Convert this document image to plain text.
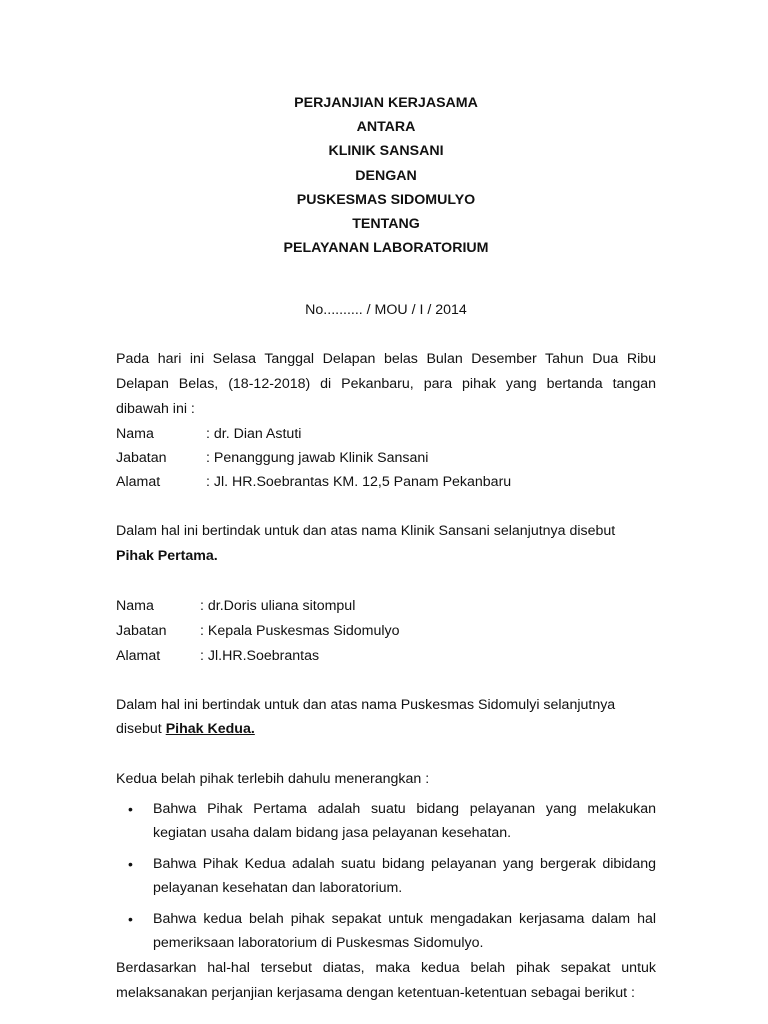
PERJANJIAN KERJASAMA
ANTARA
KLINIK SANSANI
DENGAN
PUSKESMAS SIDOMULYO
TENTANG
PELAYANAN LABORATORIUM
No.......... / MOU / I / 2014
Pada hari ini Selasa Tanggal Delapan belas Bulan Desember Tahun Dua Ribu Delapan Belas, (18-12-2018) di Pekanbaru, para pihak yang bertanda tangan dibawah ini :
Nama	: dr. Dian Astuti
Jabatan	: Penanggung jawab Klinik Sansani
Alamat	: Jl. HR.Soebrantas KM. 12,5 Panam Pekanbaru
Dalam hal ini bertindak untuk dan atas nama Klinik Sansani selanjutnya disebut Pihak Pertama.
Nama	: dr.Doris uliana sitompul
Jabatan : Kepala Puskesmas Sidomulyo
Alamat	: Jl.HR.Soebrantas
Dalam hal ini bertindak untuk dan atas nama Puskesmas Sidomulyi selanjutnya
disebut Pihak Kedua.
Kedua belah pihak terlebih dahulu menerangkan :
• Bahwa Pihak Pertama adalah suatu bidang pelayanan yang melakukan kegiatan usaha dalam bidang jasa pelayanan kesehatan.
• Bahwa Pihak Kedua adalah suatu bidang pelayanan yang bergerak dibidang pelayanan kesehatan dan laboratorium.
• Bahwa kedua belah pihak sepakat untuk mengadakan kerjasama dalam hal pemeriksaan laboratorium di Puskesmas Sidomulyo.
Berdasarkan hal-hal tersebut diatas, maka kedua belah pihak sepakat untuk melaksanakan perjanjian kerjasama dengan ketentuan-ketentuan sebagai berikut :
